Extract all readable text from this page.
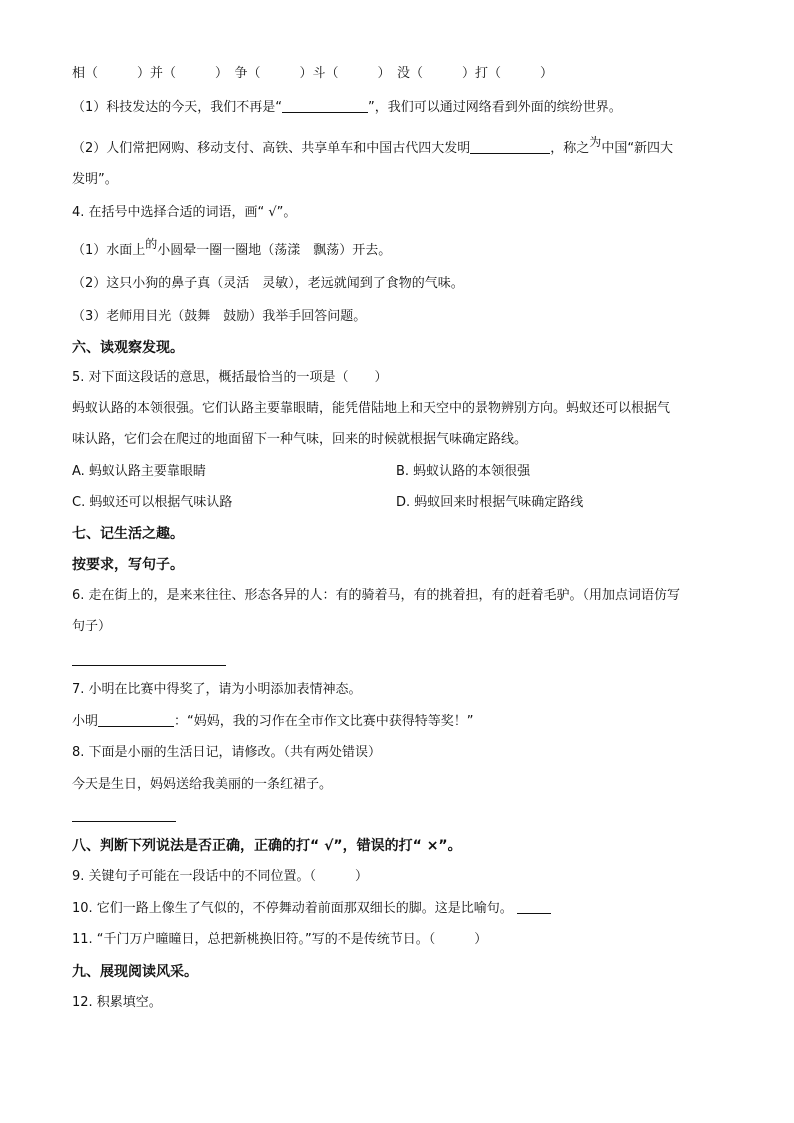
相（　　　）并（　　　）　争（　　　）斗（　　　）　没（　　　）打（　　　）
（1）科技发达的今天，我们不再是“	”，我们可以通过网络看到外面的缤纷世界。
（2）人们常把网购、移动支付、高铁、共享单车和中国古代四大发明	，称之为中国“新四大
发明”。
4. 在括号中选择合适的词语，画“ √”。
（1）水面上的小圆晕一圈一圈地（荡漾　飘荡）开去。
（2）这只小狗的鼻子真（灵活　灵敏），老远就闻到了食物的气味。
（3）老师用目光（鼓舞　鼓励）我举手回答问题。
六、读观察发现。
5. 对下面这段话的意思，概括最恰当的一项是（　　）
蚂蚁认路的本领很强。它们认路主要靠眼睛，能凭借陆地上和天空中的景物辨别方向。蚂蚁还可以根据气
味认路，它们会在爬过的地面留下一种气味，回来的时候就根据气味确定路线。
A. 蚂蚁认路主要靠眼睛	B. 蚂蚁认路的本领很强
C. 蚂蚁还可以根据气味认路	D. 蚂蚁回来时根据气味确定路线
七、记生活之趣。
按要求，写句子。
6. 走在街上的，是来来往往、形态各异的人：有的骑着马，有的挑着担，有的赶着毛驴。（用加点词语仿写
句子）
7. 小明在比赛中得奖了，请为小明添加表情神态。
小明	：“妈妈，我的习作在全市作文比赛中获得特等奖！”
8. 下面是小丽的生活日记，请修改。（共有两处错误）
今天是生日，妈妈送给我美丽的一条红裙子。
八、判断下列说法是否正确，正确的打“ √”，错误的打“ ×”。
9. 关键句子可能在一段话中的不同位置。（　　　）
10. 它们一路上像生了气似的，不停舞动着前面那双细长的脚。这是比喻句。
11. “千门万户曈曈日，总把新桃换旧符。”写的不是传统节日。（　　　）
九、展现阅读风采。
12. 积累填空。
